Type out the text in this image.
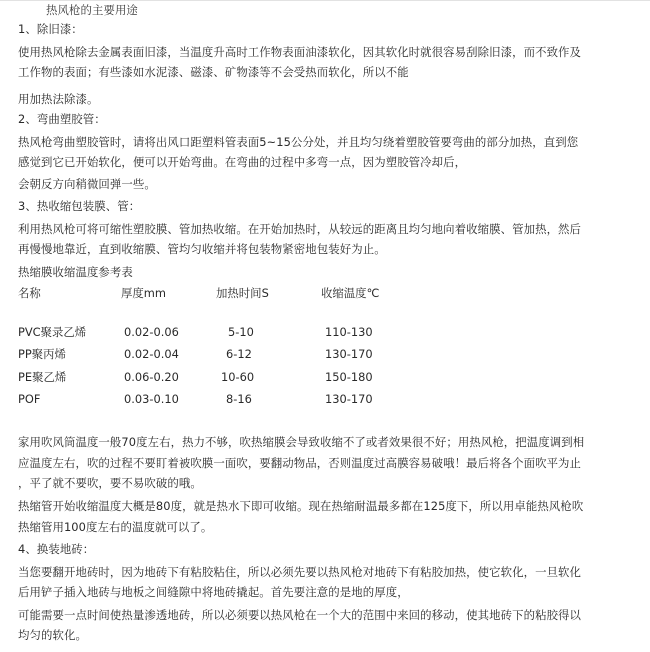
热风枪的主要用途
1、除旧漆：
使用热风枪除去金属表面旧漆，当温度升高时工作物表面油漆软化，因其软化时就很容易刮除旧漆，而不致作及
工作物的表面；有些漆如水泥漆、磁漆、矿物漆等不会受热而软化，所以不能
用加热法除漆。
2、弯曲塑胶管：
热风枪弯曲塑胶管时，请将出风口距塑料管表面5~15公分处，并且均匀绕着塑胶管要弯曲的部分加热，直到您
感觉到它已开始软化，便可以开始弯曲。在弯曲的过程中多弯一点，因为塑胶管冷却后，
会朝反方向稍微回弹一些。
3、热收缩包装膜、管：
利用热风枪可将可缩性塑胶膜、管加热收缩。在开始加热时，从较远的距离且均匀地向着收缩膜、管加热，然后
再慢慢地靠近，直到收缩膜、管均匀收缩并将包装物紧密地包装好为止。
热缩膜收缩温度参考表
名称	厚度mm	加热时间S	收缩温度℃
PVC聚录乙烯	0.02-0.06	5-10	110-130
PP聚丙烯	0.02-0.04	6-12	130-170
PE聚乙烯	0.06-0.20	10-60	150-180
POF	0.03-0.10	8-16	130-170
家用吹风筒温度一般70度左右，热力不够，吹热缩膜会导致收缩不了或者效果很不好；用热风枪，把温度调到相
应温度左右，吹的过程不要盯着被吹膜一面吹，要翻动物品，否则温度过高膜容易破哦！最后将各个面吹平为止
，平了就不要吹，要不易吹破的哦。
热缩管开始收缩温度大概是80度，就是热水下即可收缩。现在热缩耐温最多都在125度下，所以用卓能热风枪吹
热缩管用100度左右的温度就可以了。
4、换装地砖：
当您要翻开地砖时，因为地砖下有粘胶粘住，所以必须先要以热风枪对地砖下有粘胶加热，使它软化，一旦软化
后用铲子插入地砖与地板之间缝隙中将地砖撬起。首先要注意的是地的厚度，
可能需要一点时间使热量渗透地砖，所以必须要以热风枪在一个大的范围中来回的移动，使其地砖下的粘胶得以
均匀的软化。
